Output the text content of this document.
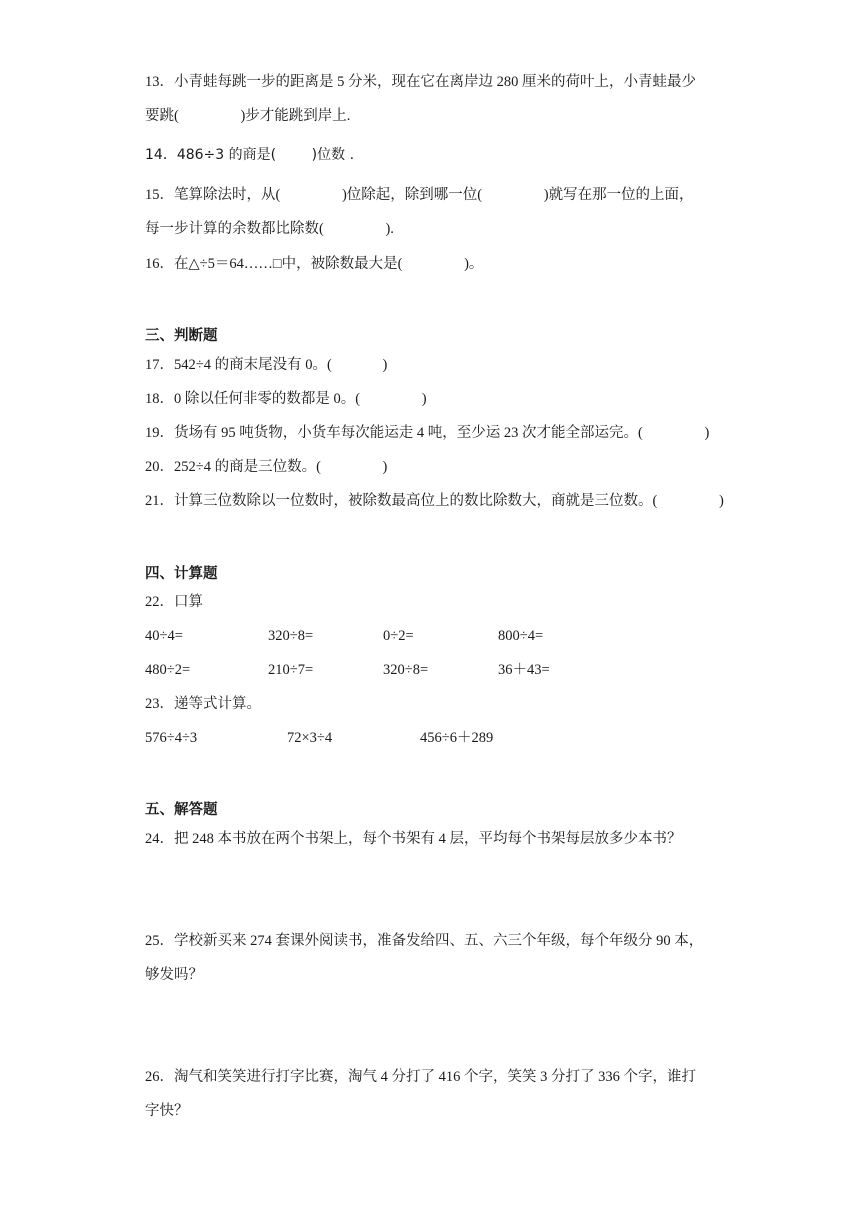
13．小青蛙每跳一步的距离是 5 分米，现在它在离岸边 280 厘米的荷叶上，小青蛙最少

要跳(                 )步才能跳到岸上.

14．486÷3 的商是(        )位数 .

15．笔算除法时，从(                 )位除起，除到哪一位(                 )就写在那一位的上面，

每一步计算的余数都比除数(                 ).

16．在△÷5＝64……□中，被除数最大是(                 )。

三、判断题

17．542÷4 的商末尾没有 0。(              )

18．0 除以任何非零的数都是 0。(                 )

19．货场有 95 吨货物，小货车每次能运走 4 吨，至少运 23 次才能全部运完。(                 )

20．252÷4 的商是三位数。(                 )

21．计算三位数除以一位数时，被除数最高位上的数比除数大，商就是三位数。(                 )

四、计算题

22．口算

40÷4=	320÷8=	0÷2=	800÷4=
480÷2=	210÷7=	320÷8=	36＋43=

23．递等式计算。

576÷4÷3	72×3÷4	456÷6＋289
五、解答题

24．把 248 本书放在两个书架上，每个书架有 4 层，平均每个书架每层放多少本书？

25．学校新买来 274 套课外阅读书，准备发给四、五、六三个年级，每个年级分 90 本，

够发吗？

26．淘气和笑笑进行打字比赛，淘气 4 分打了 416 个字，笑笑 3 分打了 336 个字，谁打

字快？
